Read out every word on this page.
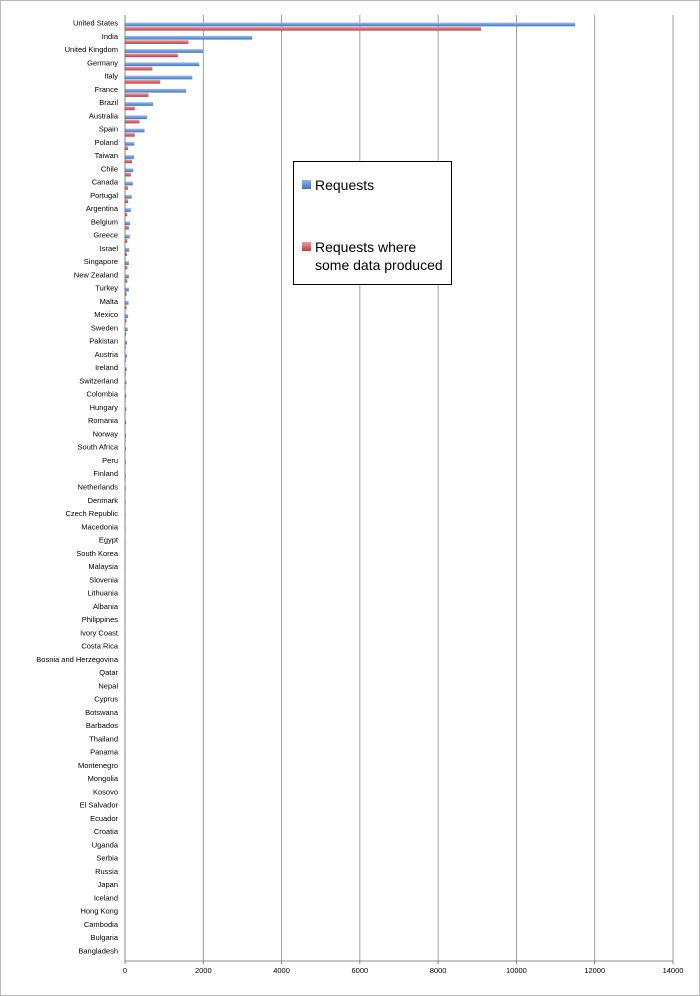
United States
India
United Kingdom
Germany
Italy
France
Brazil
Australia
Spain
Poland
Taiwan
Chile
Canada
Portugal
Argentina
Belgium
Greece
Israel
Singapore
New Zealand
Turkey
Malta
Mexico
Sweden
Pakistan
Austria
Ireland
Switzerland
Colombia
Hungary
Romania
Norway
South Africa
Peru
Finland
Netherlands
Denmark
Czech Republic
Macedonia
Egypt
South Korea
Malaysia
Slovenia
Lithuania
Albania
Philippines
Ivory Coast
Costa Rica
Bosnia and Herzegovina
Qatar
Nepal
Cyprus
Botswana
Barbados
Thailand
Panama
Montenegro
Mongolia
Kosovo
El Salvador
Ecuador
Croatia
Uganda
Serbia
Russia
Japan
Iceland
Hong Kong
Cambodia
Bulgaria
Bangladesh
0	2000	4000	6000	8000	10000	12000	14000
Requests
Requests where some data produced
